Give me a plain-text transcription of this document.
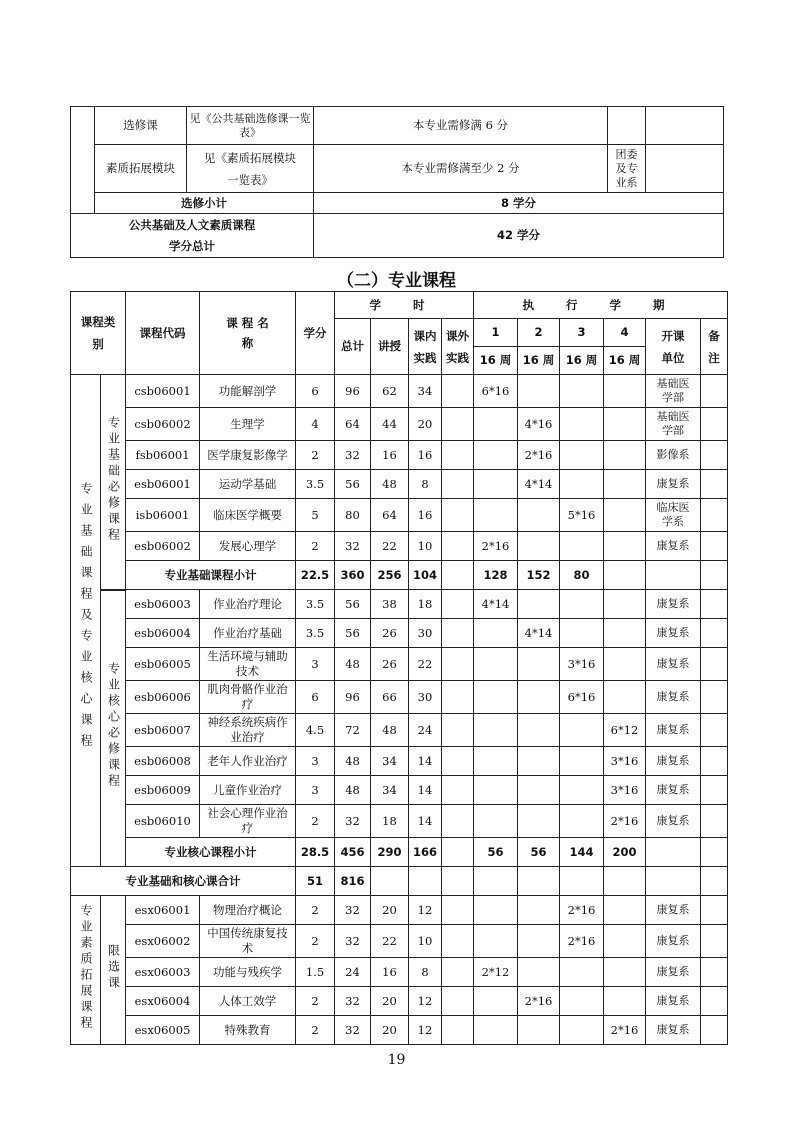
	选修课	见《公共基础选修课一览表》	本专业需修满 6 分		
	素质拓展模块	见《素质拓展模块一览表》	本专业需修满至少 2 分	团委及专业系	
	选修小计		8 学分		

公共基础及人文素质课程
学分总计			42 学分		
（二）专业课程
课程类别		课程代码	课 程 名 称	学分	学 时				执 行 学 期					
					总计	讲授	课内实践	课外实践	1	2	3	4	开课单位	备注
									16 周	16 周	16 周	16 周		
专业基础课程及专业核心课程	专业基础必修课程	csb06001	功能解剖学	6	96	62	34		6*16				基础医学部	
		csb06002	生理学	4	64	44	20			4*16			基础医学部	
		fsb06001	医学康复影像学	2	32	16	16			2*16			影像系	
		esb06001	运动学基础	3.5	56	48	8			4*14			康复系	
		isb06001	临床医学概要	5	80	64	16				5*16		临床医学系	
		esb06002	发展心理学	2	32	22	10		2*16				康复系	
		专业基础课程小计		22.5	360	256	104		128	152	80			
	专业核心必修课程	esb06003	作业治疗理论	3.5	56	38	18		4*14				康复系	
		esb06004	作业治疗基础	3.5	56	26	30			4*14			康复系	
		esb06005	生活环境与辅助技术	3	48	26	22				3*16		康复系	
		esb06006	肌肉骨骼作业治疗	6	96	66	30				6*16		康复系	
		esb06007	神经系统疾病作业治疗	4.5	72	48	24					6*12	康复系	
		esb06008	老年人作业治疗	3	48	34	14					3*16	康复系	
		esb06009	儿童作业治疗	3	48	34	14					3*16	康复系	
		esb06010	社会心理作业治疗	2	32	18	14					2*16	康复系	
		专业核心课程小计		28.5	456	290	166		56	56	144	200		
专业基础和核心课合计				51	816									
专业素质拓展课程	限选课	esx06001	物理治疗概论	2	32	20	12				2*16		康复系	
		esx06002	中国传统康复技术	2	32	22	10				2*16		康复系	
		esx06003	功能与残疾学	1.5	24	16	8		2*12				康复系	
		esx06004	人体工效学	2	32	20	12			2*16			康复系	
		esx06005	特殊教育	2	32	20	12					2*16	康复系	
19
